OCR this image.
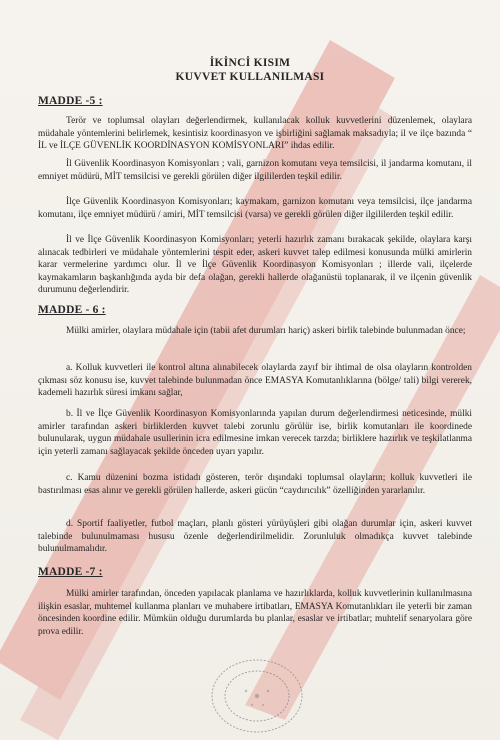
İKİNCİ KISIM
KUVVET KULLANILMASI
MADDE -5 :
Terör ve toplumsal olayları değerlendirmek, kullanılacak kolluk kuvvetlerini düzenlemek, olaylara müdahale yöntemlerini belirlemek, kesintisiz koordinasyon ve işbirliğini sağlamak maksadıyla; il ve ilçe bazında “ İL ve İLÇE GÜVENLİK KOORDİNASYON KOMİSYONLARI” ihdas edilir.
İl Güvenlik Koordinasyon Komisyonları ; vali, garnizon komutanı veya temsilcisi, il jandarma komutanı, il emniyet müdürü, MİT temsilcisi ve gerekli görülen diğer ilgililerden teşkil edilir.
İlçe Güvenlik Koordinasyon Komisyonları; kaymakam, garnizon komutanı veya temsilcisi, ilçe jandarma komutanı, ilçe emniyet müdürü / amiri, MİT temsilcisi (varsa) ve gerekli görülen diğer ilgililerden teşkil edilir.
İl ve İlçe Güvenlik Koordinasyon Komisyonları; yeterli hazırlık zamanı bırakacak şekilde, olaylara karşı alınacak tedbirleri ve müdahale yöntemlerini tespit eder, askeri kuvvet talep edilmesi konusunda mülki amirlerin karar vermelerine yardımcı olur. İl ve İlçe Güvenlik Koordinasyon Komisyonları ; illerde vali, ilçelerde kaymakamların başkanlığında ayda bir defa olağan, gerekli hallerde olağanüstü toplanarak, il ve ilçenin güvenlik durumunu değerlendirir.
MADDE - 6 :
Mülki amirler, olaylara müdahale için (tabii afet durumları hariç) askeri birlik talebinde bulunmadan önce;
a. Kolluk kuvvetleri ile kontrol altına alınabilecek olaylarda zayıf bir ihtimal de olsa olayların kontrolden çıkması söz konusu ise, kuvvet talebinde bulunmadan önce EMASYA Komutanlıklarına (bölge/ tali) bilgi vererek, kademeli hazırlık süresi imkanı sağlar,
b. İl ve İlçe Güvenlik Koordinasyon Komisyonlarında yapılan durum değerlendirmesi neticesinde, mülki amirler tarafından askeri birliklerden kuvvet talebi zorunlu görülür ise, birlik komutanları ile koordinede bulunularak, uygun müdahale usullerinin icra edilmesine imkan verecek tarzda; birliklere hazırlık ve teşkilatlanma için yeterli zamanı sağlayacak şekilde önceden uyarı yapılır.
c. Kamu düzenini bozma istidadı gösteren, terör dışındaki toplumsal olayların; kolluk kuvvetleri ile bastırılması esas alınır ve gerekli görülen hallerde, askeri gücün “caydırıcılık” özelliğinden yararlanılır.
d. Sportif faaliyetler, futbol maçları, planlı gösteri yürüyüşleri gibi olağan durumlar için, askeri kuvvet talebinde bulunulmaması hususu özenle değerlendirilmelidir. Zorunluluk olmadıkça kuvvet talebinde bulunulmamalıdır.
MADDE -7 :
Mülki amirler tarafından, önceden yapılacak planlama ve hazırlıklarda, kolluk kuvvetlerinin kullanılmasına ilişkin esaslar, muhtemel kullanma planları ve muhabere irtibatları, EMASYA Komutanlıkları ile yeterli bir zaman öncesinden koordine edilir. Mümkün olduğu durumlarda bu planlar, esaslar ve irtibatlar; muhtelif senaryolara göre prova edilir.
